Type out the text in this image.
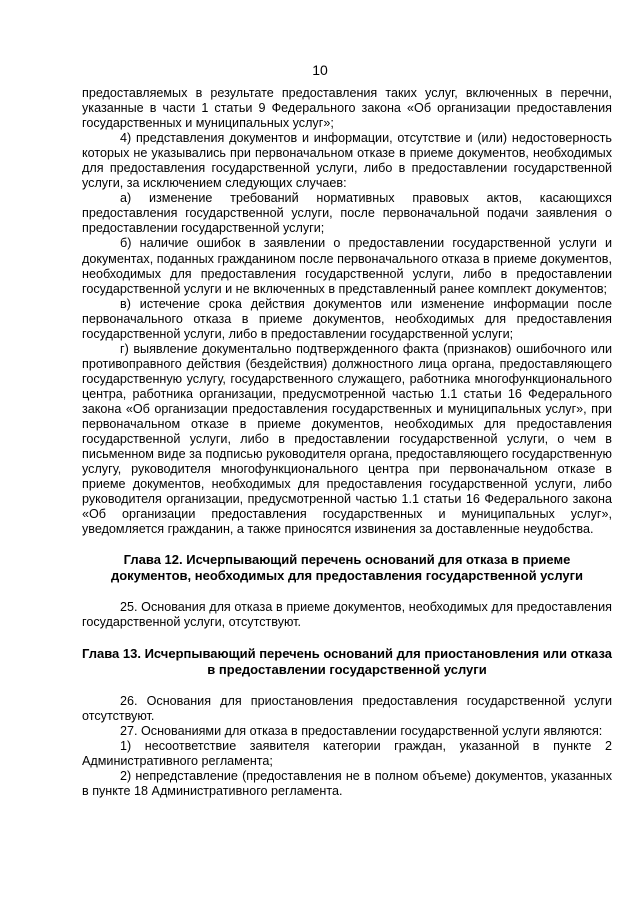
10

предоставляемых в результате предоставления таких услуг, включенных в перечни, указанные в части 1 статьи 9 Федерального закона «Об организации предоставления государственных и муниципальных услуг»;

4) представления документов и информации, отсутствие и (или) недостоверность которых не указывались при первоначальном отказе в приеме документов, необходимых для предоставления государственной услуги, либо в предоставлении государственной услуги, за исключением следующих случаев:

а) изменение требований нормативных правовых актов, касающихся предоставления государственной услуги, после первоначальной подачи заявления о предоставлении государственной услуги;

б) наличие ошибок в заявлении о предоставлении государственной услуги и документах, поданных гражданином после первоначального отказа в приеме документов, необходимых для предоставления государственной услуги, либо в предоставлении государственной услуги и не включенных в представленный ранее комплект документов;

в) истечение срока действия документов или изменение информации после первоначального отказа в приеме документов, необходимых для предоставления государственной услуги, либо в предоставлении государственной услуги;

г) выявление документально подтвержденного факта (признаков) ошибочного или противоправного действия (бездействия) должностного лица органа, предоставляющего государственную услугу, государственного служащего, работника многофункционального центра, работника организации, предусмотренной частью 1.1 статьи 16 Федерального закона «Об организации предоставления государственных и муниципальных услуг», при первоначальном отказе в приеме документов, необходимых для предоставления государственной услуги, либо в предоставлении государственной услуги, о чем в письменном виде за подписью руководителя органа, предоставляющего государственную услугу, руководителя многофункционального центра при первоначальном отказе в приеме документов, необходимых для предоставления государственной услуги, либо руководителя организации, предусмотренной частью 1.1 статьи 16 Федерального закона «Об организации предоставления государственных и муниципальных услуг», уведомляется гражданин, а также приносятся извинения за доставленные неудобства.

Глава 12. Исчерпывающий перечень оснований для отказа в приеме документов, необходимых для предоставления государственной услуги

25. Основания для отказа в приеме документов, необходимых для предоставления государственной услуги, отсутствуют.

Глава 13. Исчерпывающий перечень оснований для приостановления или отказа в предоставлении государственной услуги

26. Основания для приостановления предоставления государственной услуги отсутствуют.

27. Основаниями для отказа в предоставлении государственной услуги являются:

1) несоответствие заявителя категории граждан, указанной в пункте 2 Административного регламента;

2) непредставление (предоставления не в полном объеме) документов, указанных в пункте 18 Административного регламента.
